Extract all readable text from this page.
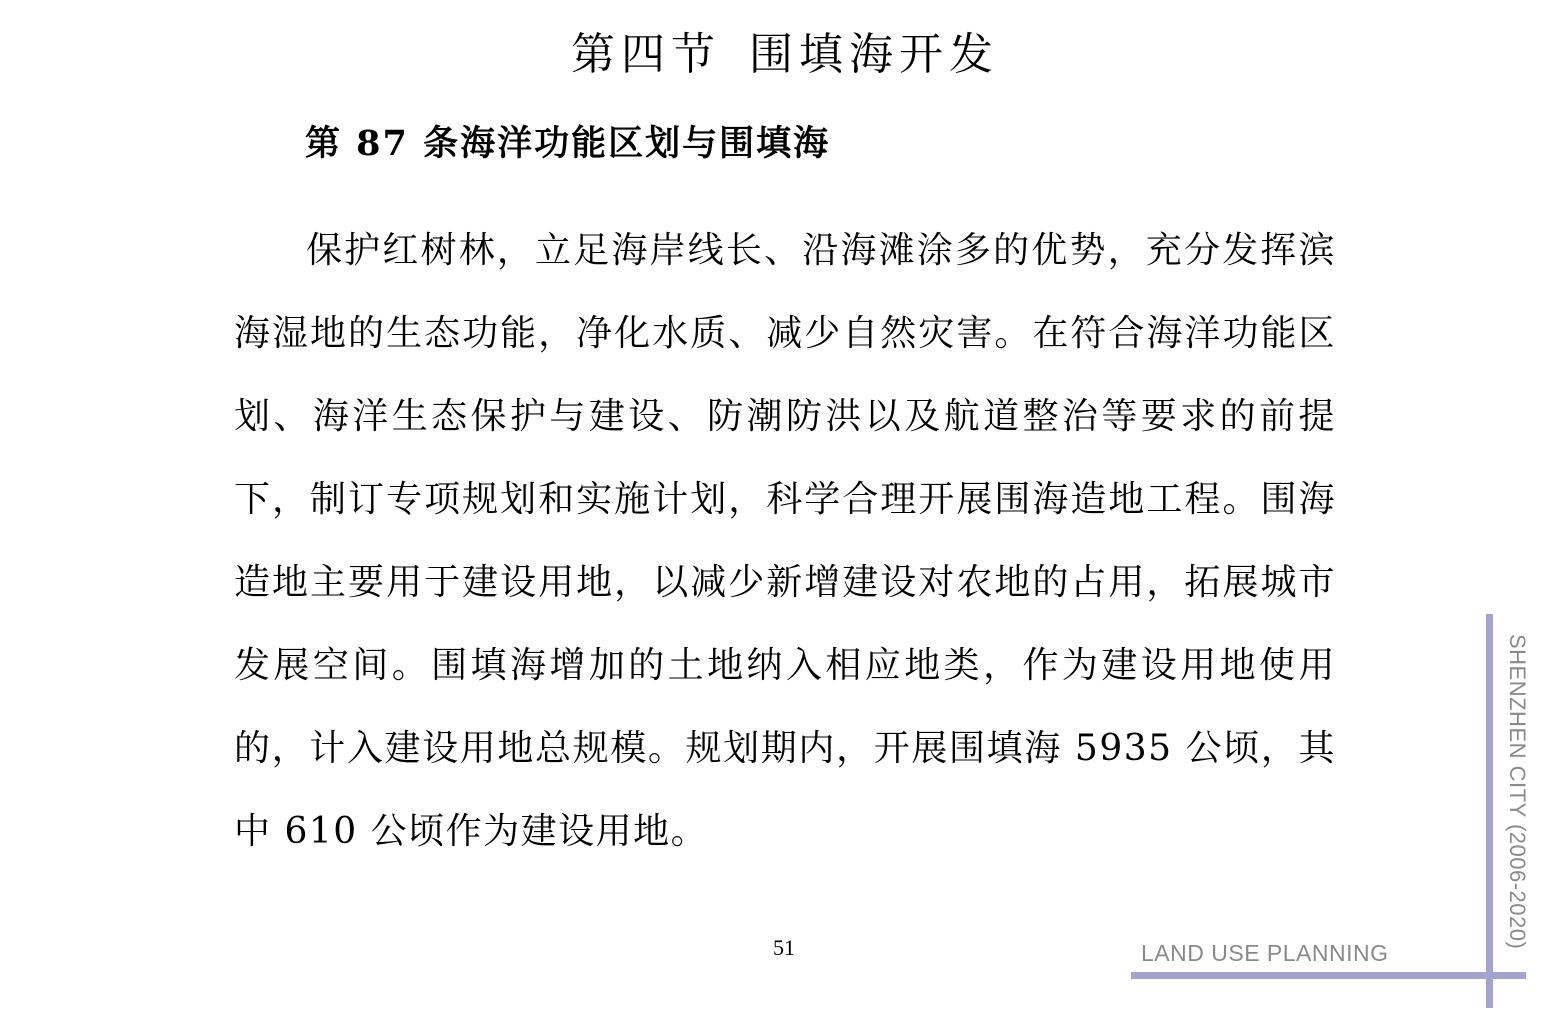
第四节 围填海开发
第 87 条海洋功能区划与围填海

保护红树林，立足海岸线长、沿海滩涂多的优势，充分发挥滨海湿地的生态功能，净化水质、减少自然灾害。在符合海洋功能区划、海洋生态保护与建设、防潮防洪以及航道整治等要求的前提下，制订专项规划和实施计划，科学合理开展围海造地工程。围海造地主要用于建设用地，以减少新增建设对农地的占用，拓展城市发展空间。围填海增加的土地纳入相应地类，作为建设用地使用的，计入建设用地总规模。规划期内，开展围填海 5935 公顷，其中 610 公顷作为建设用地。

51	LAND USE PLANNING
SHENZHEN CITY (2006-2020)
